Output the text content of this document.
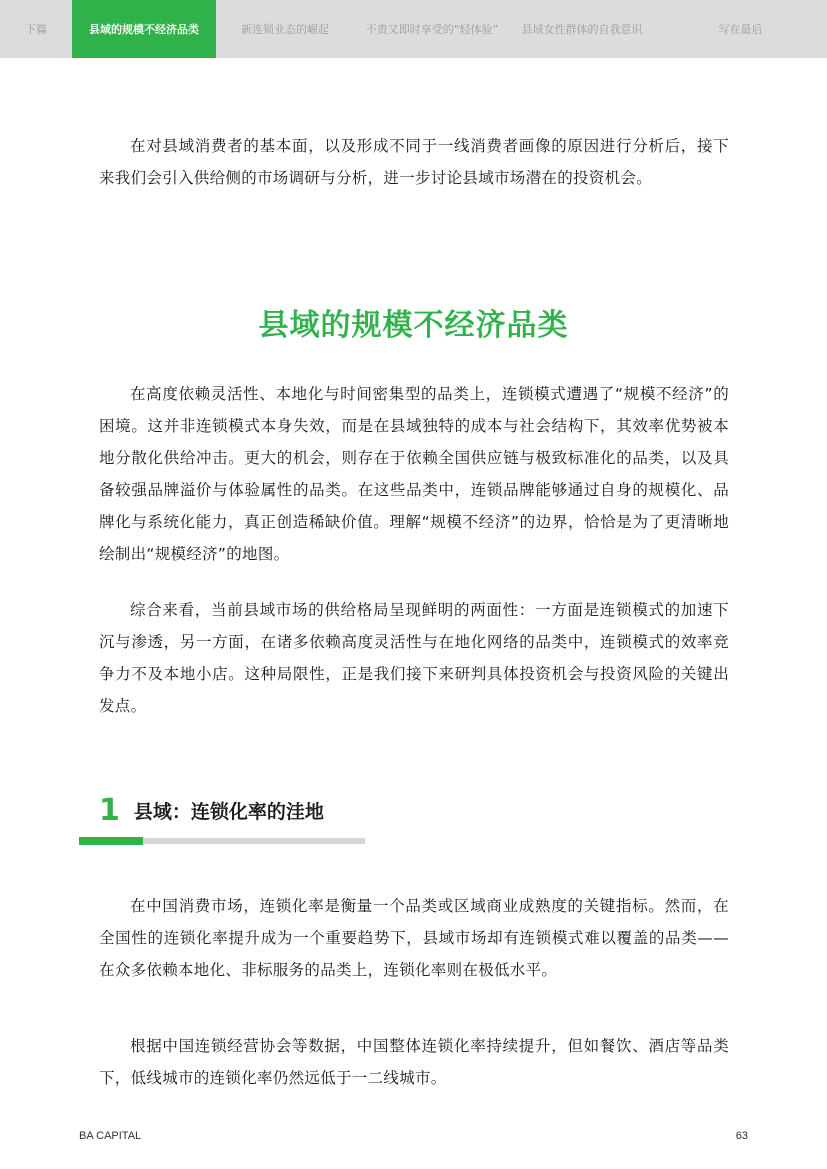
下篇	县域的规模不经济品类	新连锁业态的崛起	不贵又即时享受的“轻体验”	县域女性群体的自我意识	写在最后

在对县域消费者的基本面，以及形成不同于一线消费者画像的原因进行分析后，接下来我们会引入供给侧的市场调研与分析，进一步讨论县域市场潜在的投资机会。

县域的规模不经济品类

在高度依赖灵活性、本地化与时间密集型的品类上，连锁模式遭遇了“规模不经济”的困境。这并非连锁模式本身失效，而是在县域独特的成本与社会结构下，其效率优势被本地分散化供给冲击。更大的机会，则存在于依赖全国供应链与极致标准化的品类，以及具备较强品牌溢价与体验属性的品类。在这些品类中，连锁品牌能够通过自身的规模化、品牌化与系统化能力，真正创造稀缺价值。理解“规模不经济”的边界，恰恰是为了更清晰地绘制出“规模经济”的地图。

综合来看，当前县域市场的供给格局呈现鲜明的两面性：一方面是连锁模式的加速下沉与渗透，另一方面，在诸多依赖高度灵活性与在地化网络的品类中，连锁模式的效率竞争力不及本地小店。这种局限性，正是我们接下来研判具体投资机会与投资风险的关键出发点。

1 县域：连锁化率的洼地

在中国消费市场，连锁化率是衡量一个品类或区域商业成熟度的关键指标。然而，在全国性的连锁化率提升成为一个重要趋势下，县域市场却有连锁模式难以覆盖的品类——在众多依赖本地化、非标服务的品类上，连锁化率则在极低水平。

根据中国连锁经营协会等数据，中国整体连锁化率持续提升，但如餐饮、酒店等品类下，低线城市的连锁化率仍然远低于一二线城市。

BA CAPITAL	63
